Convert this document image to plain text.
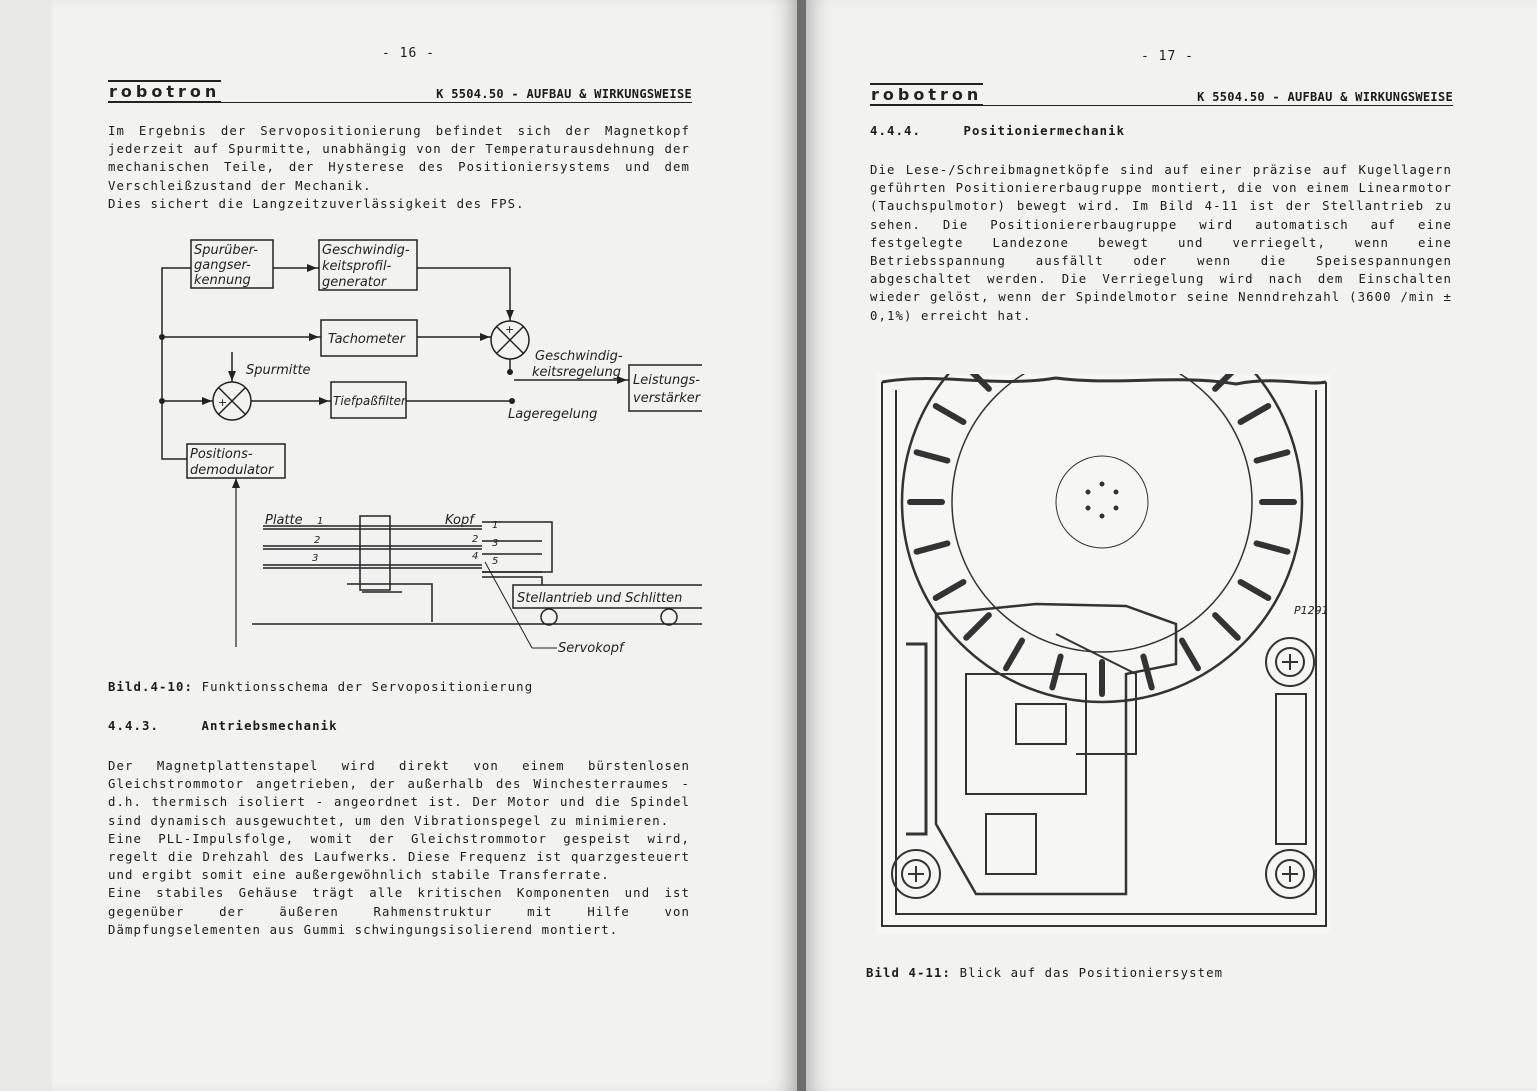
- 16 -
robotron	K 5504.50 - AUFBAU & WIRKUNGSWEISE

Im Ergebnis der Servopositionierung befindet sich der Magnetkopf jederzeit auf Spurmitte, unabhängig von der Temperaturausdehnung der mechanischen Teile, der Hysterese des Positioniersystems und dem Verschleißzustand der Mechanik.

Dies sichert die Langzeitzuverlässigkeit des FPS.
Spurüber-
gangser-
kennung
Geschwindig-
keitsprofil-
generator
Tachometer
Spurmitte
Tiefpaßfilter
Geschwindig-
keitsregelung
Lageregelung
Leistungs-
verstärker
Positions-
demodulator
Platte 1
2
3
Kopf 1
2 3
4 5
Stellantrieb und Schlitten
Servokopf
+
+
Bild.4-10: Funktionsschema der Servopositionierung
4.4.3.	Antriebsmechanik

Der Magnetplattenstapel wird direkt von einem bürstenlosen Gleichstrommotor angetrieben, der außerhalb des Winchesterraumes - d.h. thermisch isoliert - angeordnet ist. Der Motor und die Spindel sind dynamisch ausgewuchtet, um den Vibrationspegel zu minimieren.

Eine PLL-Impulsfolge, womit der Gleichstrommotor gespeist wird, regelt die Drehzahl des Laufwerks. Diese Frequenz ist quarzgesteuert und ergibt somit eine außergewöhnlich stabile Transferrate.

Eine stabiles Gehäuse trägt alle kritischen Komponenten und ist gegenüber der äußeren Rahmenstruktur mit Hilfe von Dämpfungselementen aus Gummi schwingungsisolierend montiert.

- 17 -
robotron	K 5504.50 - AUFBAU & WIRKUNGSWEISE
4.4.4.	Positioniermechanik

Die Lese-/Schreibmagnetköpfe sind auf einer präzise auf Kugellagern geführten Positioniererbaugruppe montiert, die von einem Linearmotor (Tauchspulmotor) bewegt wird. Im Bild 4-11 ist der Stellantrieb zu sehen. Die Positioniererbaugruppe wird automatisch auf eine festgelegte Landezone bewegt und verriegelt, wenn eine Betriebsspannung ausfällt oder wenn die Speisespannungen abgeschaltet werden. Die Verriegelung wird nach dem Einschalten wieder gelöst, wenn der Spindelmotor seine Nenndrehzahl (3600 /min ± 0,1%) erreicht hat.

P1291
Bild 4-11: Blick auf das Positioniersystem
